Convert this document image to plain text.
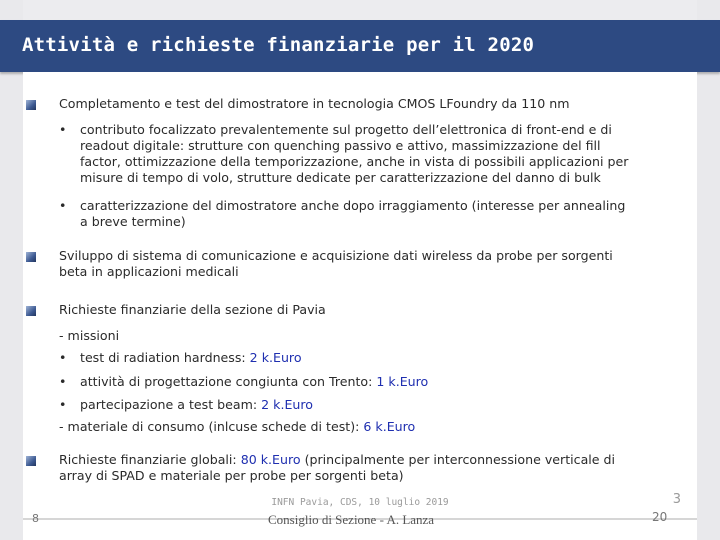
Attività e richieste finanziarie per il 2020
Completamento e test del dimostratore in tecnologia CMOS LFoundry da 110 nm
•	contributo focalizzato prevalentemente sul progetto dell’elettronica di front-end e di
readout digitale: strutture con quenching passivo e attivo, massimizzazione del fill
factor, ottimizzazione della temporizzazione, anche in vista di possibili applicazioni per
misure di tempo di volo, strutture dedicate per caratterizzazione del danno di bulk
•	caratterizzazione del dimostratore anche dopo irraggiamento (interesse per annealing
a breve termine)
Sviluppo di sistema di comunicazione e acquisizione dati wireless da probe per sorgenti
beta in applicazioni medicali
Richieste finanziarie della sezione di Pavia
- missioni
•	test di radiation hardness: 2 k.Euro
•	attività di progettazione congiunta con Trento: 1 k.Euro
•	partecipazione a test beam: 2 k.Euro
- materiale di consumo (inlcuse schede di test): 6 k.Euro
Richieste finanziarie globali: 80 k.Euro (principalmente per interconnessione verticale di
array di SPAD e materiale per probe per sorgenti beta)
INFN Pavia, CDS, 10 luglio 2019	3
8	Consiglio di Sezione - A. Lanza	20
